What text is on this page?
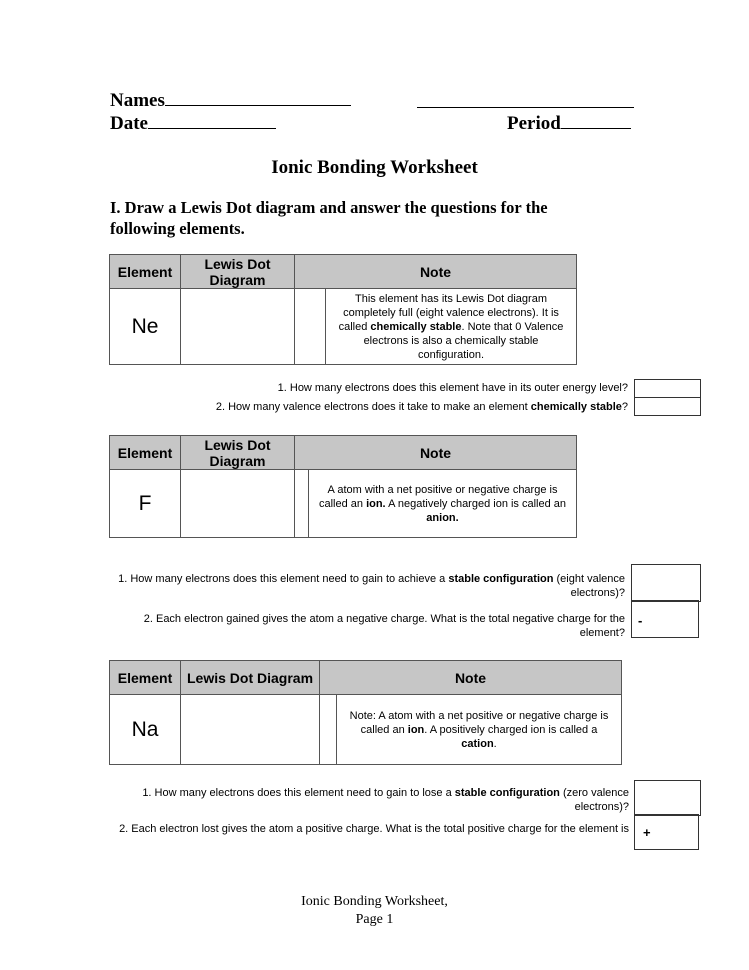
Names
Date	Period
Ionic Bonding Worksheet
I. Draw a Lewis Dot diagram and answer the questions for the following elements.
Element	Lewis Dot Diagram	Note	
Ne			This element has its Lewis Dot diagram completely full (eight valence electrons). It is called chemically stable. Note that 0 Valence electrons is also a chemically stable configuration.
1. How many electrons does this element have in its outer energy level?
2. How many valence electrons does it take to make an element chemically stable?
Element	Lewis Dot Diagram	Note	
F			A atom with a net positive or negative charge is called an ion. A negatively charged ion is called an anion.
1. How many electrons does this element need to gain to achieve a stable configuration (eight valence electrons)?
2. Each electron gained gives the atom a negative charge. What is the total negative charge for the element?
-
Element	Lewis Dot Diagram	Note	
Na			Note: A atom with a net positive or negative charge is called an ion. A positively charged ion is called a cation.
1. How many electrons does this element need to gain to lose a stable configuration (zero valence electrons)?
2. Each electron lost gives the atom a positive charge. What is the total positive charge for the element is	+
Ionic Bonding Worksheet,
Page 1
